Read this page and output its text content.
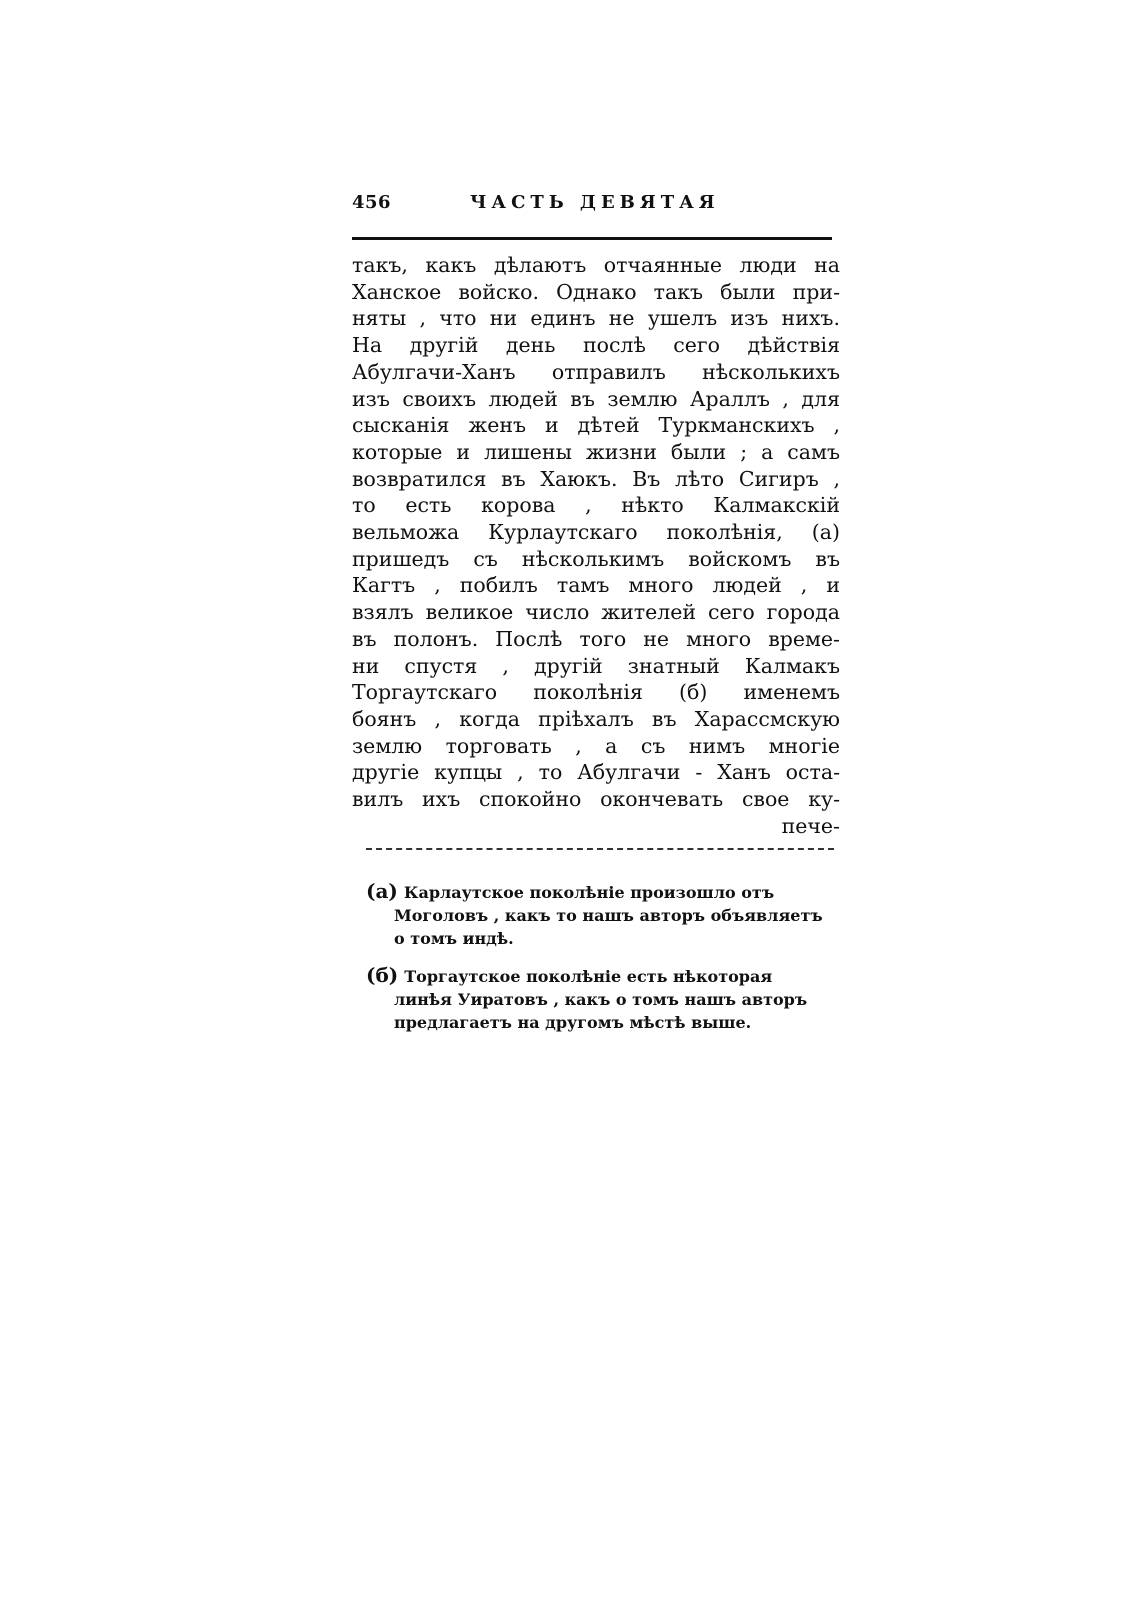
456	ЧАСТЬ ДЕВЯТАЯ
такъ, какъ дѣлаютъ отчаянные люди на
Ханское войско. Однако такъ были при-
няты , что ни единъ не ушелъ изъ нихъ.
На другій день послѣ сего дѣйствія
Абулгачи-Ханъ отправилъ нѣсколькихъ
изъ своихъ людей въ землю Араллъ , для
сысканія женъ и дѣтей Туркманскихъ ,
которые и лишены жизни были ; а самъ
возвратился въ Хаюкъ. Въ лѣто Сигиръ ,
то есть корова , нѣкто Калмакскій
вельможа Курлаутскаго поколѣнія, (а)
пришедъ съ нѣсколькимъ войскомъ въ
Кагтъ , побилъ тамъ много людей , и
взялъ великое число жителей сего города
въ полонъ. Послѣ того не много време-
ни спустя , другій знатный Калмакъ
Торгаутскаго поколѣнія (б) именемъ
боянъ , когда пріѣхалъ въ Харассмскую
землю торговать , а съ нимъ многіе
другіе купцы , то Абулгачи - Ханъ оста-
вилъ ихъ спокойно окончевать свое ку-
пече-
(а) Карлаутское поколѣніе произошло отъ
Моголовъ , какъ то нашъ авторъ объявляетъ
о томъ индѣ.
(б) Торгаутское поколѣніе есть нѣкоторая
линѣя Уиратовъ , какъ о томъ нашъ авторъ
предлагаетъ на другомъ мѣстѣ выше.
